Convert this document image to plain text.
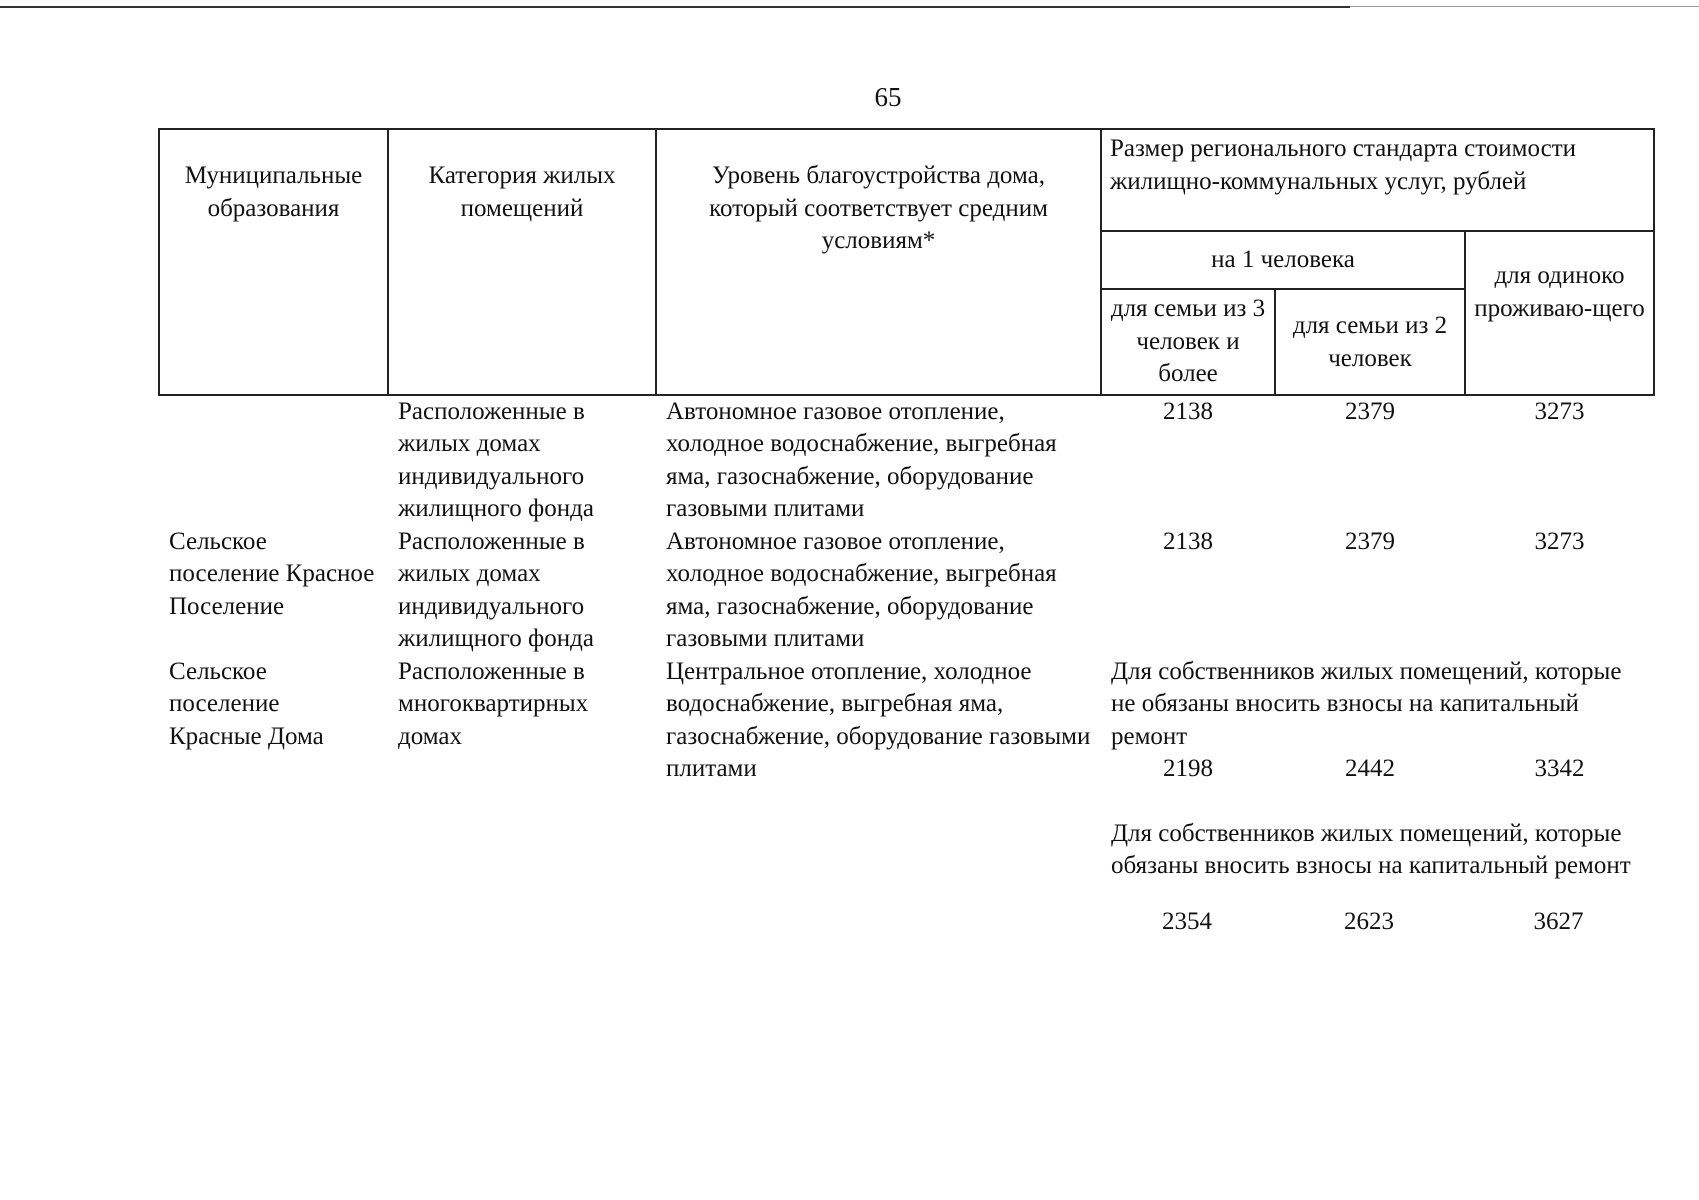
65
Муниципальные образования	Категория жилых помещений	Уровень благоустройства дома, который соответствует средним условиям*	Размер регионального стандарта стоимости жилищно-коммунальных услуг, рублей		
			на 1 человека		для одиноко проживаю-щего
			для семьи из 3 человек и более	для семьи из 2 человек	
	Расположенные в жилых домах индивидуального жилищного фонда	Автономное газовое отопление, холодное водоснабжение, выгребная яма, газоснабжение, оборудование газовыми плитами	2138	2379	3273
Сельское поселение Красное Поселение	Расположенные в жилых домах индивидуального жилищного фонда	Автономное газовое отопление, холодное водоснабжение, выгребная яма, газоснабжение, оборудование газовыми плитами	2138	2379	3273
Сельское поселение Красные Дома	Расположенные в многоквартирных домах	Центральное отопление, холодное водоснабжение, выгребная яма, газоснабжение, оборудование газовыми плитами	Для собственников жилых помещений, которые не обязаны вносить взносы на капитальный ремонт		
			2198	2442	3342

			Для собственников жилых помещений, которые обязаны вносить взносы на капитальный ремонт		

			2354	2623	3627
